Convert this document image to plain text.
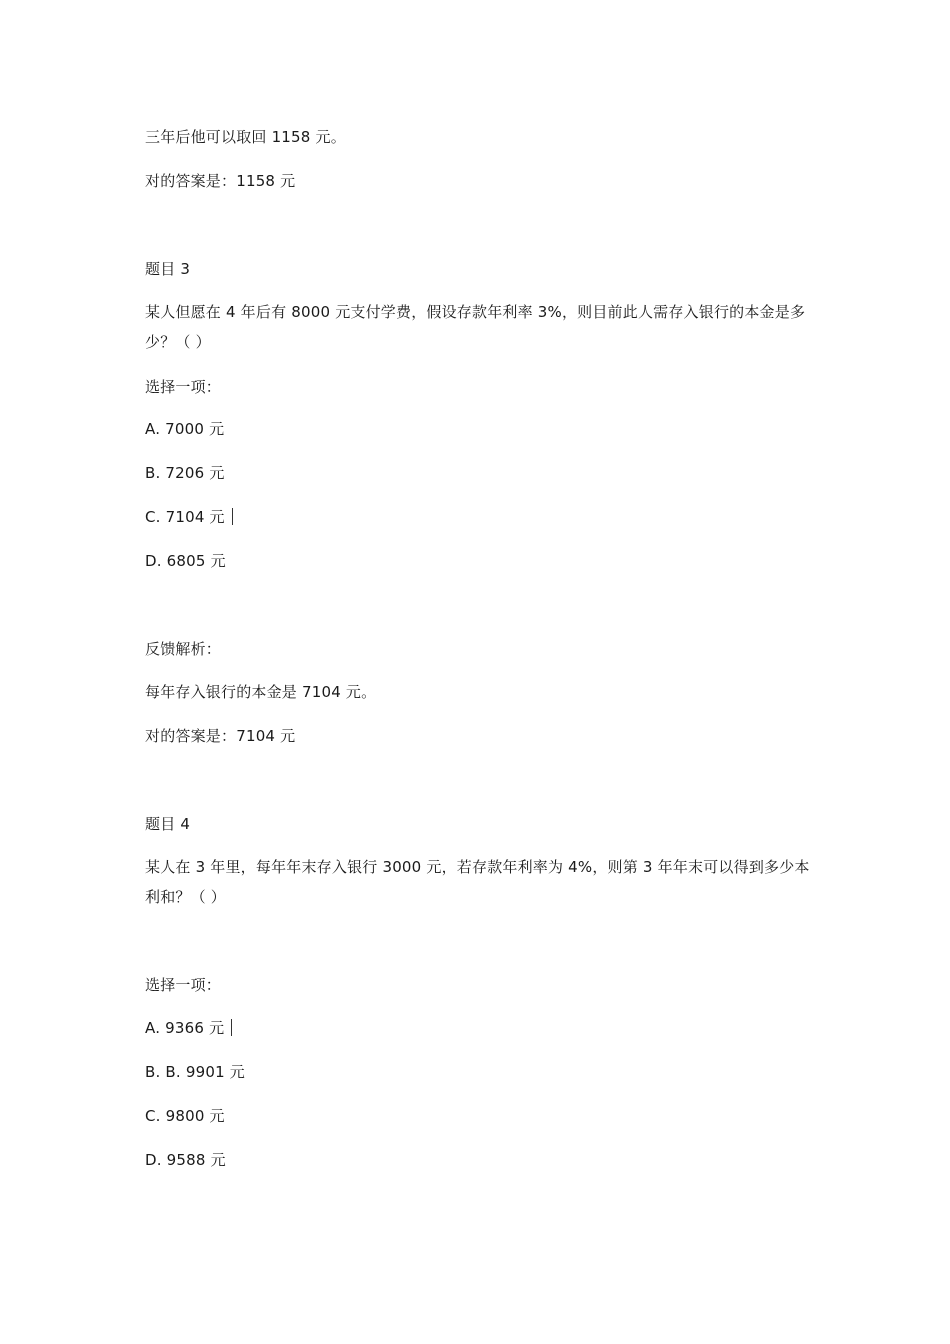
三年后他可以取回 1158 元。
对的答案是：1158 元
题目 3
某人但愿在 4 年后有 8000 元支付学费，假设存款年利率 3%，则目前此人需存入银行的本金是多少？（ ）
选择一项：
A. 7000 元
B. 7206 元
C. 7104 元
D. 6805 元
反馈解析：
每年存入银行的本金是 7104 元。
对的答案是：7104 元
题目 4
某人在 3 年里，每年年末存入银行 3000 元，若存款年利率为 4%，则第 3 年年末可以得到多少本利和？（ ）
选择一项：
A. 9366 元
B. B. 9901 元
C. 9800 元
D. 9588 元
